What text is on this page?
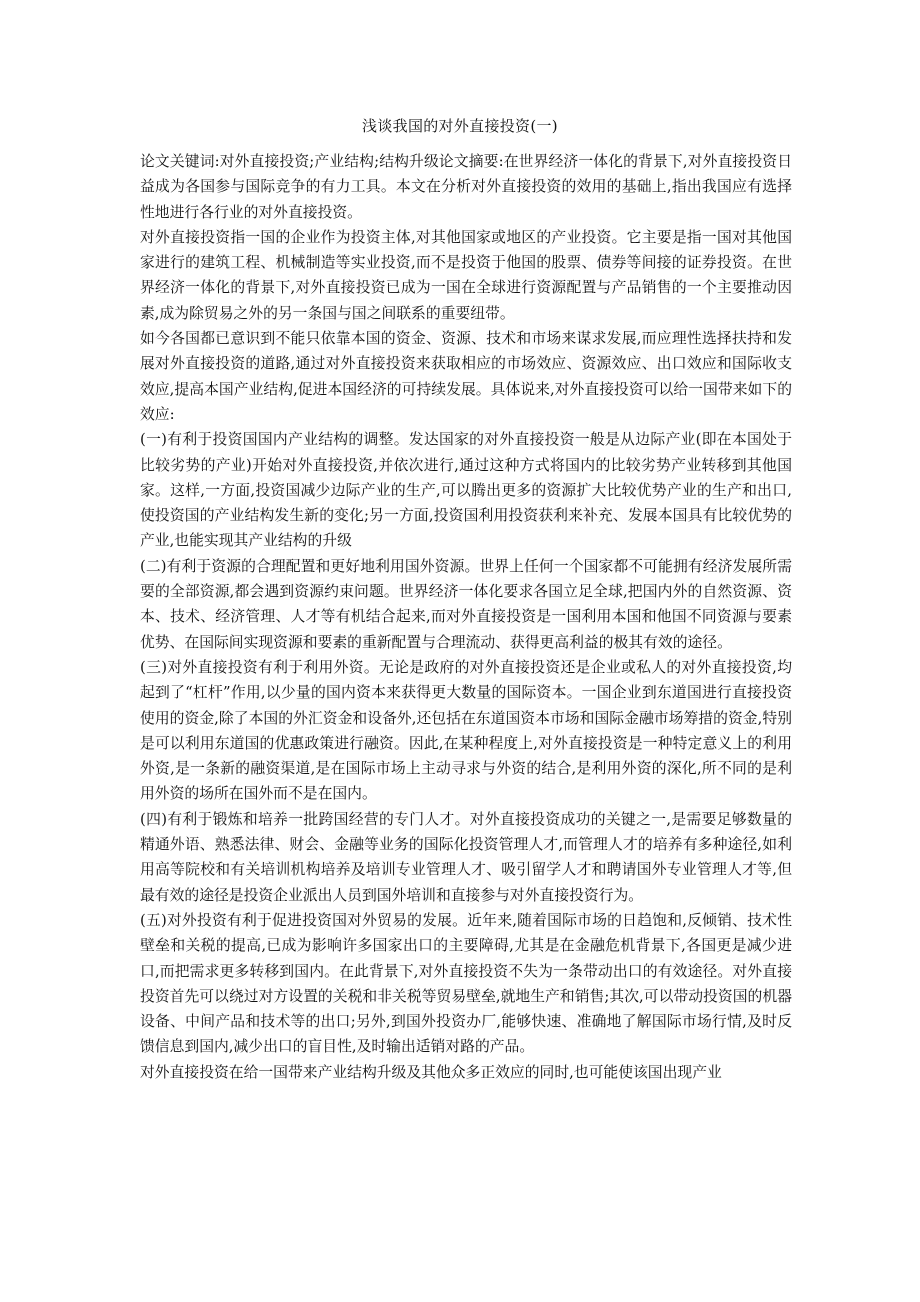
浅谈我国的对外直接投资(一)

论文关键词:对外直接投资;产业结构;结构升级论文摘要:在世界经济一体化的背景下,对外直接投资日益成为各国参与国际竞争的有力工具。本文在分析对外直接投资的效用的基础上,指出我国应有选择性地进行各行业的对外直接投资。

对外直接投资指一国的企业作为投资主体,对其他国家或地区的产业投资。它主要是指一国对其他国家进行的建筑工程、机械制造等实业投资,而不是投资于他国的股票、债券等间接的证券投资。在世界经济一体化的背景下,对外直接投资已成为一国在全球进行资源配置与产品销售的一个主要推动因素,成为除贸易之外的另一条国与国之间联系的重要纽带。

如今各国都已意识到不能只依靠本国的资金、资源、技术和市场来谋求发展,而应理性选择扶持和发展对外直接投资的道路,通过对外直接投资来获取相应的市场效应、资源效应、出口效应和国际收支效应,提高本国产业结构,促进本国经济的可持续发展。具体说来,对外直接投资可以给一国带来如下的效应:

(一)有利于投资国国内产业结构的调整。发达国家的对外直接投资一般是从边际产业(即在本国处于比较劣势的产业)开始对外直接投资,并依次进行,通过这种方式将国内的比较劣势产业转移到其他国家。这样,一方面,投资国减少边际产业的生产,可以腾出更多的资源扩大比较优势产业的生产和出口,使投资国的产业结构发生新的变化;另一方面,投资国利用投资获利来补充、发展本国具有比较优势的产业,也能实现其产业结构的升级

(二)有利于资源的合理配置和更好地利用国外资源。世界上任何一个国家都不可能拥有经济发展所需要的全部资源,都会遇到资源约束问题。世界经济一体化要求各国立足全球,把国内外的自然资源、资本、技术、经济管理、人才等有机结合起来,而对外直接投资是一国利用本国和他国不同资源与要素优势、在国际间实现资源和要素的重新配置与合理流动、获得更高利益的极其有效的途径。

(三)对外直接投资有利于利用外资。无论是政府的对外直接投资还是企业或私人的对外直接投资,均起到了“杠杆”作用,以少量的国内资本来获得更大数量的国际资本。一国企业到东道国进行直接投资使用的资金,除了本国的外汇资金和设备外,还包括在东道国资本市场和国际金融市场筹措的资金,特别是可以利用东道国的优惠政策进行融资。因此,在某种程度上,对外直接投资是一种特定意义上的利用外资,是一条新的融资渠道,是在国际市场上主动寻求与外资的结合,是利用外资的深化,所不同的是利用外资的场所在国外而不是在国内。

(四)有利于锻炼和培养一批跨国经营的专门人才。对外直接投资成功的关键之一,是需要足够数量的精通外语、熟悉法律、财会、金融等业务的国际化投资管理人才,而管理人才的培养有多种途径,如利用高等院校和有关培训机构培养及培训专业管理人才、吸引留学人才和聘请国外专业管理人才等,但最有效的途径是投资企业派出人员到国外培训和直接参与对外直接投资行为。

(五)对外投资有利于促进投资国对外贸易的发展。近年来,随着国际市场的日趋饱和,反倾销、技术性壁垒和关税的提高,已成为影响许多国家出口的主要障碍,尤其是在金融危机背景下,各国更是减少进口,而把需求更多转移到国内。在此背景下,对外直接投资不失为一条带动出口的有效途径。对外直接投资首先可以绕过对方设置的关税和非关税等贸易壁垒,就地生产和销售;其次,可以带动投资国的机器设备、中间产品和技术等的出口;另外,到国外投资办厂,能够快速、准确地了解国际市场行情,及时反馈信息到国内,减少出口的盲目性,及时输出适销对路的产品。

对外直接投资在给一国带来产业结构升级及其他众多正效应的同时,也可能使该国出现产业
